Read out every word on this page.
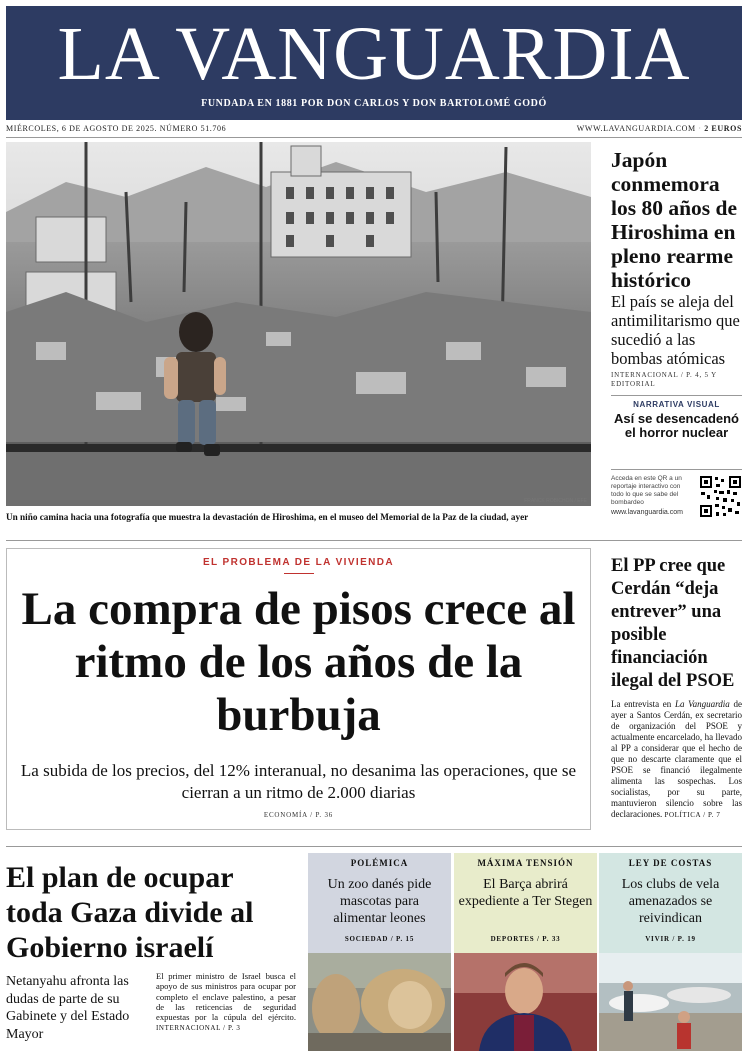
LA VANGUARDIA
FUNDADA EN 1881 POR DON CARLOS Y DON BARTOLOMÉ GODÓ
MIÉRCOLES, 6 DE AGOSTO DE 2025. NÚMERO 51.706	WWW.LAVANGUARDIA.COM · 2 EUROS
FRANCK ROBICHON / EFE
Un niño camina hacia una fotografía que muestra la devastación de Hiroshima, en el museo del Memorial de la Paz de la ciudad, ayer
Japón conmemora los 80 años de Hiroshima en pleno rearme histórico
El país se aleja del antimilitarismo que sucedió a las bombas atómicas
INTERNACIONAL / P. 4, 5 Y EDITORIAL
NARRATIVA VISUAL
Así se desencadenó el horror nuclear
Acceda en este QR a un reportaje interactivo con todo lo que se sabe del bombardeo
www.lavanguardia.com
EL PROBLEMA DE LA VIVIENDA
La compra de pisos crece al ritmo de los años de la burbuja
La subida de los precios, del 12% interanual, no desanima las operaciones, que se cierran a un ritmo de 2.000 diarias
ECONOMÍA / P. 36
El PP cree que Cerdán “deja entrever” una posible financiación ilegal del PSOE
La entrevista en La Vanguardia de ayer a Santos Cerdán, ex secretario de organización del PSOE y actualmente encarcelado, ha llevado al PP a considerar que el hecho de que no descarte claramente que el PSOE se financió ilegalmente alimenta las sospechas. Los socialistas, por su parte, mantuvieron silencio sobre las declaraciones. POLÍTICA / P. 7
El plan de ocupar toda Gaza divide al Gobierno israelí
Netanyahu afronta las dudas de parte de su Gabinete y del Estado Mayor
El primer ministro de Israel busca el apoyo de sus ministros para ocupar por completo el enclave palestino, a pesar de las reticencias de seguridad expuestas por la cúpula del ejército. INTERNACIONAL / P. 3
POLÉMICA
Un zoo danés pide mascotas para alimentar leones
SOCIEDAD / P. 15
MÁXIMA TENSIÓN
El Barça abrirá expediente a Ter Stegen
DEPORTES / P. 33
LEY DE COSTAS
Los clubs de vela amenazados se reivindican
VIVIR / P. 19
